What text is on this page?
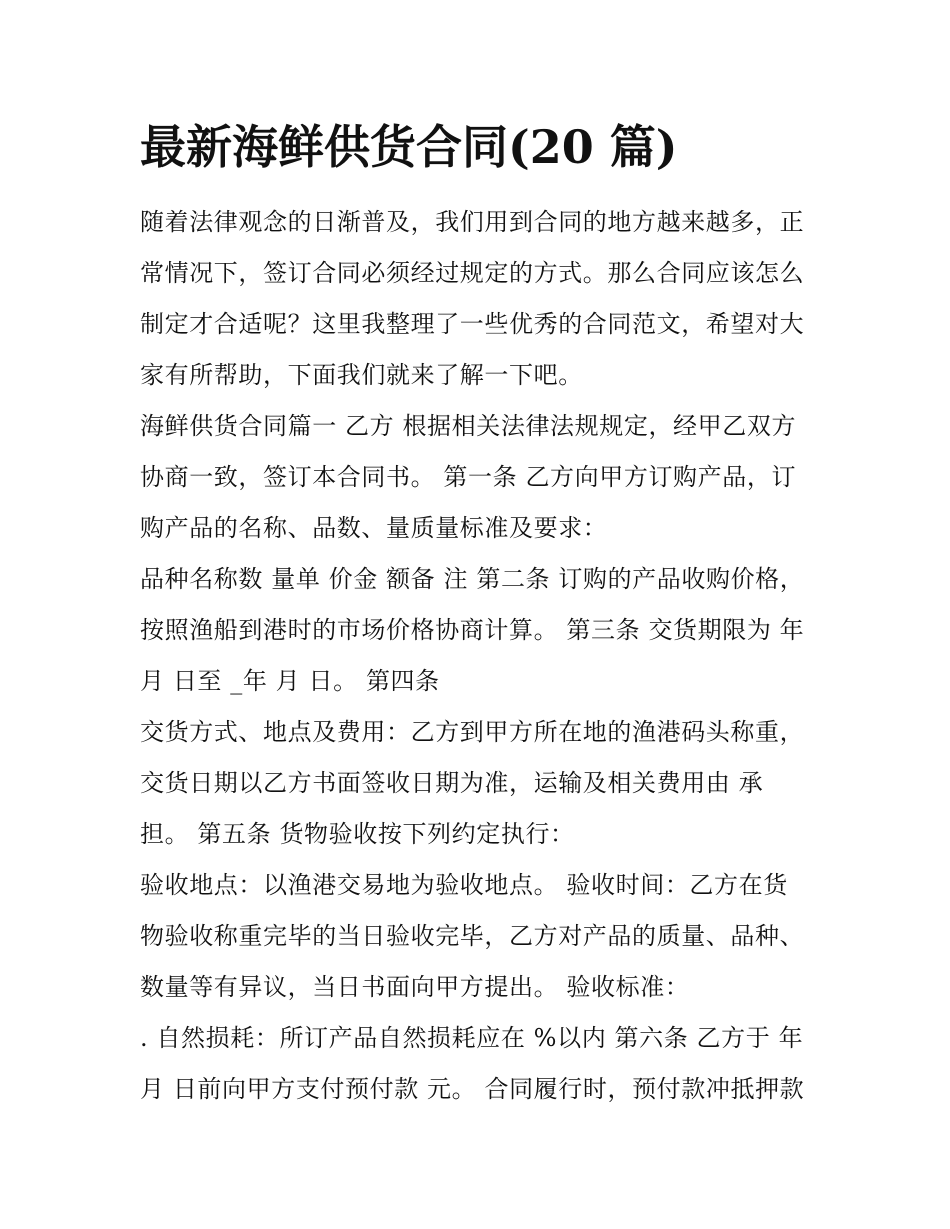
最新海鲜供货合同(20 篇)

随着法律观念的日渐普及，我们用到合同的地方越来越多，正

常情况下，签订合同必须经过规定的方式。那么合同应该怎么

制定才合适呢？这里我整理了一些优秀的合同范文，希望对大

家有所帮助，下面我们就来了解一下吧。

海鲜供货合同篇一 乙方 根据相关法律法规规定，经甲乙双方

协商一致，签订本合同书。 第一条 乙方向甲方订购产品，订

购产品的名称、品数、量质量标准及要求：

品种名称数 量单 价金 额备 注 第二条 订购的产品收购价格，

按照渔船到港时的市场价格协商计算。 第三条 交货期限为 年

月 日至 _年 月 日。 第四条

交货方式、地点及费用：乙方到甲方所在地的渔港码头称重，

交货日期以乙方书面签收日期为准，运输及相关费用由 承

担。 第五条 货物验收按下列约定执行：

验收地点：以渔港交易地为验收地点。 验收时间：乙方在货

物验收称重完毕的当日验收完毕，乙方对产品的质量、品种、

数量等有异议，当日书面向甲方提出。 验收标准：

. 自然损耗：所订产品自然损耗应在 %以内 第六条 乙方于 年

月 日前向甲方支付预付款 元。 合同履行时，预付款冲抵押款
